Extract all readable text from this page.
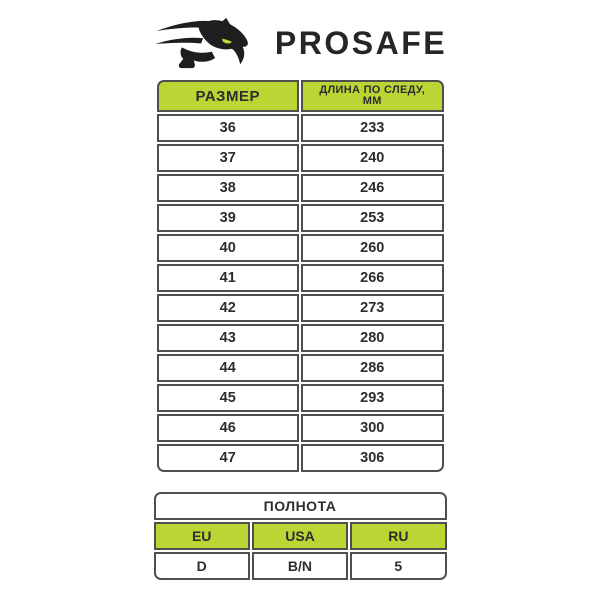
PROSAFE
РАЗМЕР	ДЛИНА ПО СЛЕДУ,
ММ

36	233
37	240
38	246
39	253
40	260
41	266
42	273
43	280
44	286
45	293
46	300
47	306
ПОЛНОТА		
EU	USA	RU
D	B/N	5
